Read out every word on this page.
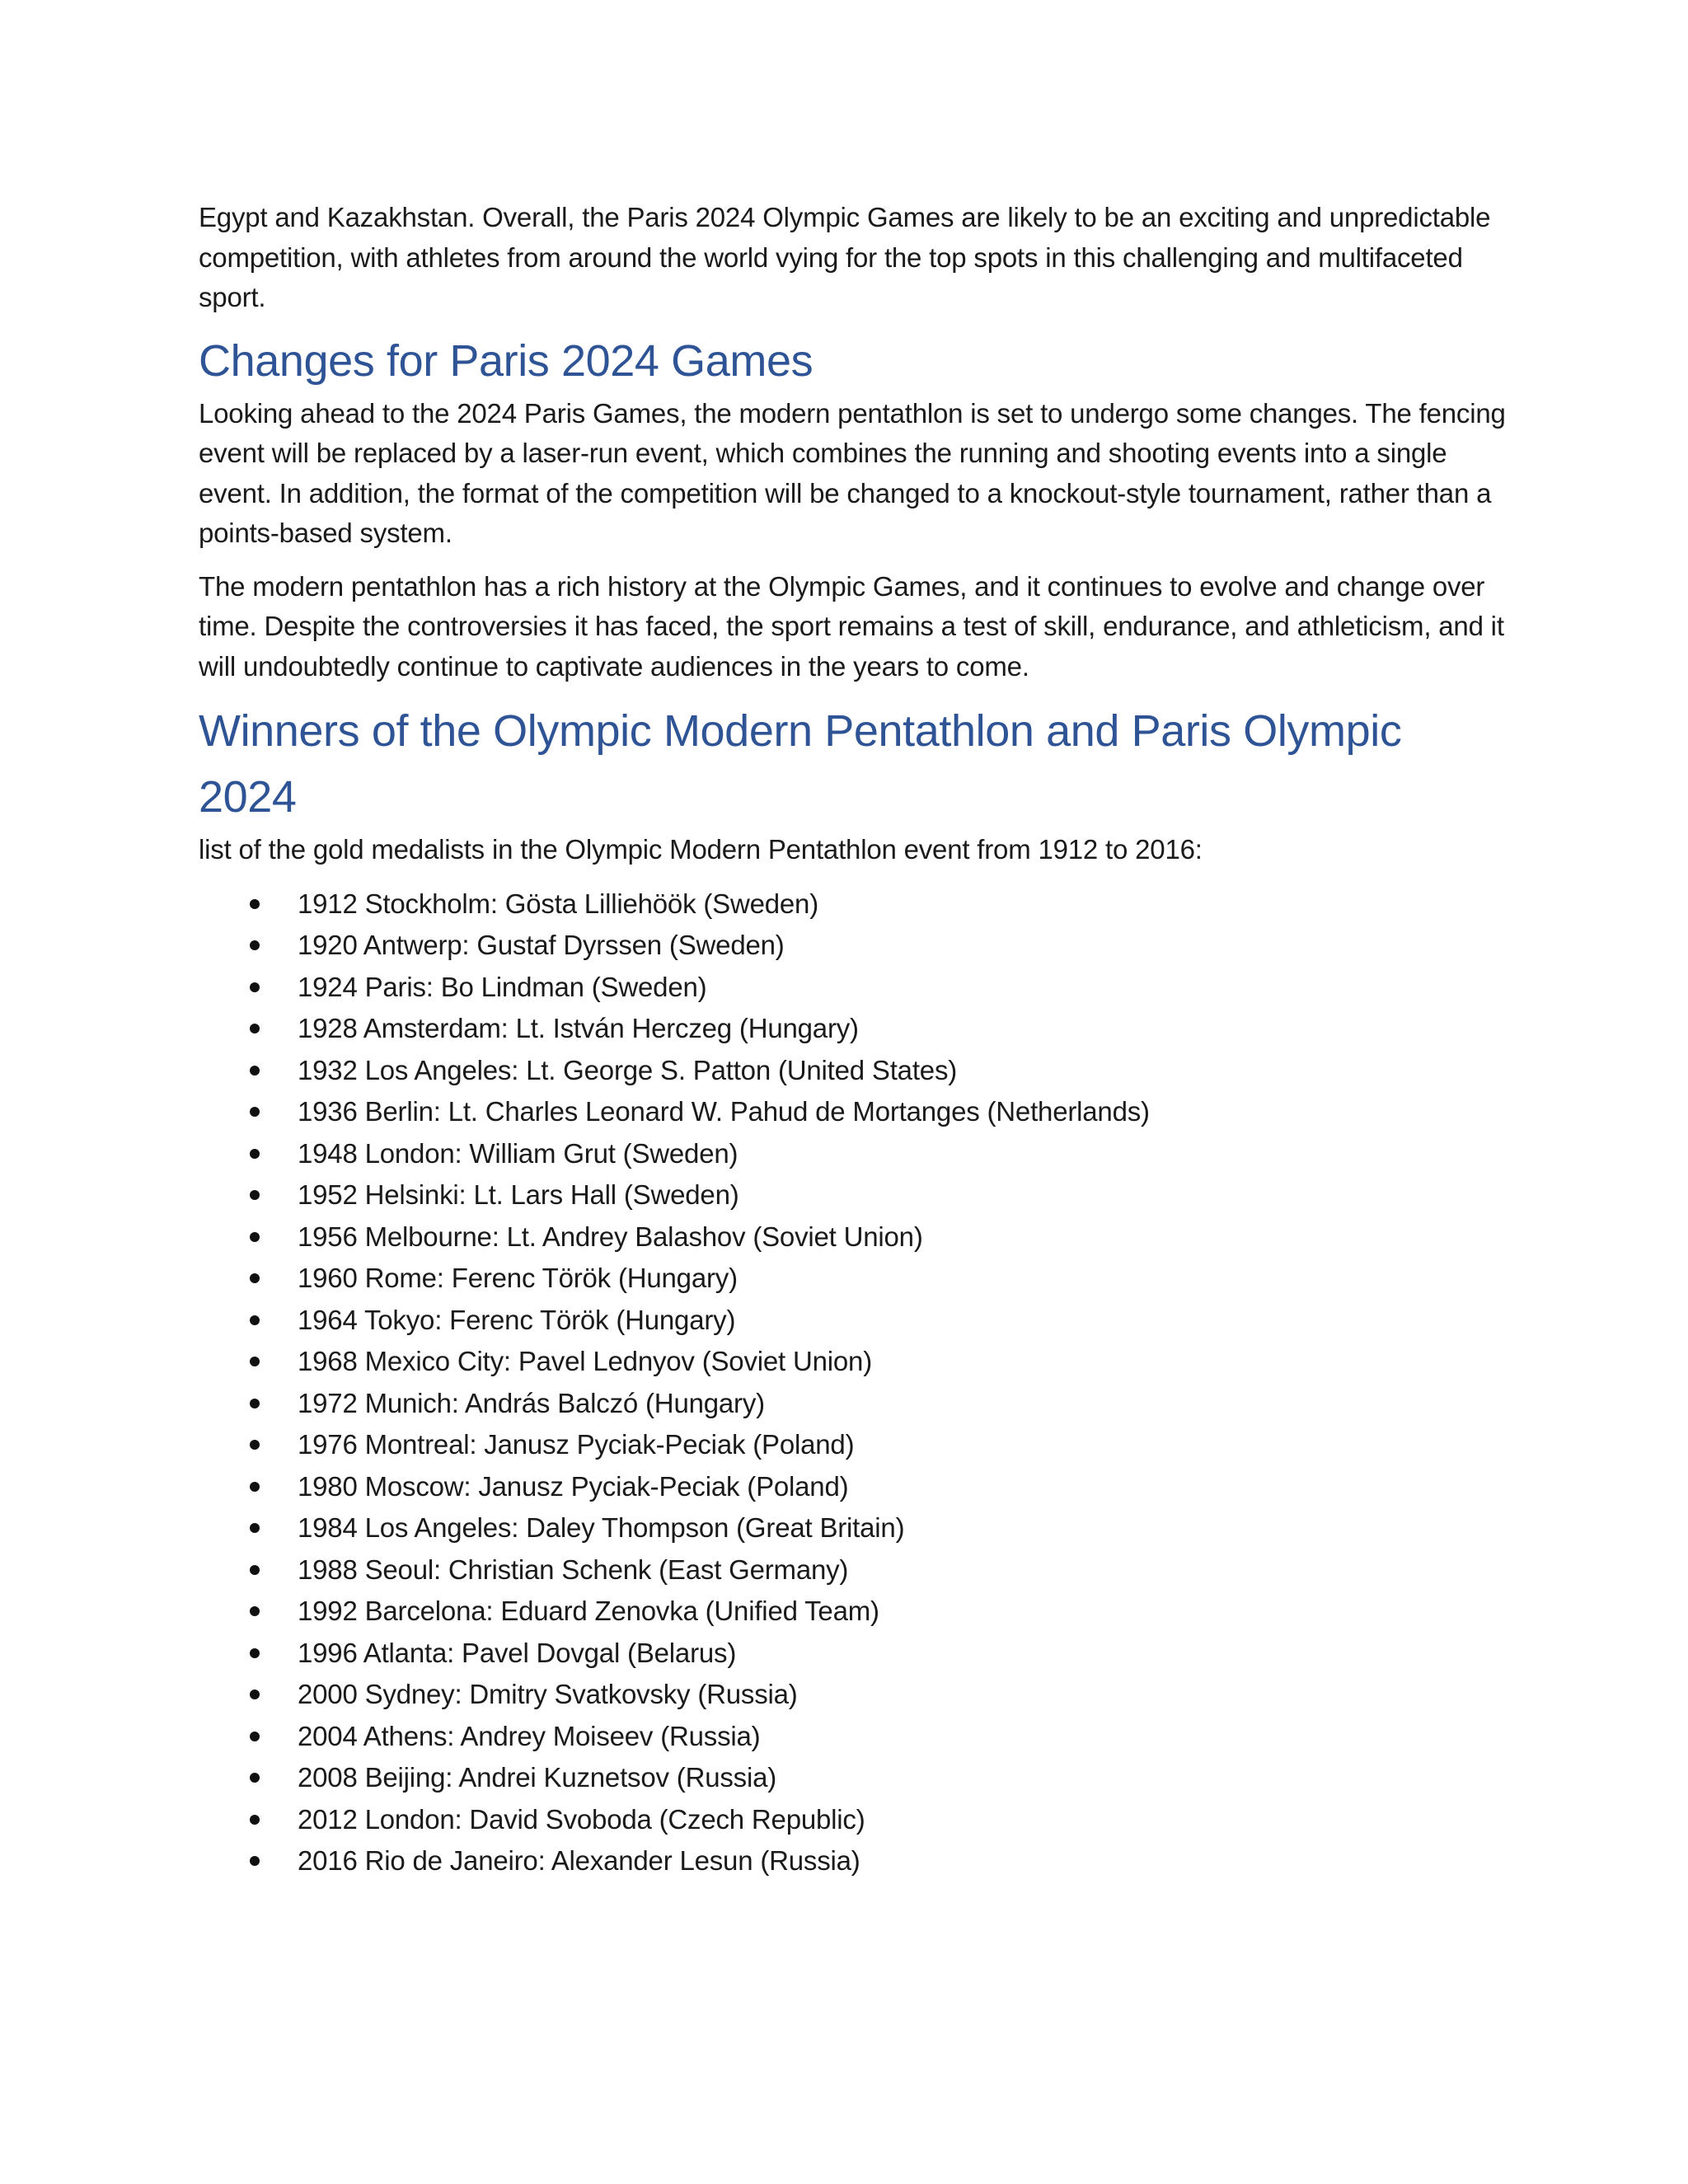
Egypt and Kazakhstan. Overall, the Paris 2024 Olympic Games are likely to be an exciting and unpredictable competition, with athletes from around the world vying for the top spots in this challenging and multifaceted sport.

Changes for Paris 2024 Games

Looking ahead to the 2024 Paris Games, the modern pentathlon is set to undergo some changes. The fencing event will be replaced by a laser-run event, which combines the running and shooting events into a single event. In addition, the format of the competition will be changed to a knockout-style tournament, rather than a points-based system.

The modern pentathlon has a rich history at the Olympic Games, and it continues to evolve and change over time. Despite the controversies it has faced, the sport remains a test of skill, endurance, and athleticism, and it will undoubtedly continue to captivate audiences in the years to come.

Winners of the Olympic Modern Pentathlon and Paris Olympic 2024

list of the gold medalists in the Olympic Modern Pentathlon event from 1912 to 2016:

1912 Stockholm: Gösta Lilliehöök (Sweden)
1920 Antwerp: Gustaf Dyrssen (Sweden)
1924 Paris: Bo Lindman (Sweden)
1928 Amsterdam: Lt. István Herczeg (Hungary)
1932 Los Angeles: Lt. George S. Patton (United States)
1936 Berlin: Lt. Charles Leonard W. Pahud de Mortanges (Netherlands)
1948 London: William Grut (Sweden)
1952 Helsinki: Lt. Lars Hall (Sweden)
1956 Melbourne: Lt. Andrey Balashov (Soviet Union)
1960 Rome: Ferenc Török (Hungary)
1964 Tokyo: Ferenc Török (Hungary)
1968 Mexico City: Pavel Lednyov (Soviet Union)
1972 Munich: András Balczó (Hungary)
1976 Montreal: Janusz Pyciak-Peciak (Poland)
1980 Moscow: Janusz Pyciak-Peciak (Poland)
1984 Los Angeles: Daley Thompson (Great Britain)
1988 Seoul: Christian Schenk (East Germany)
1992 Barcelona: Eduard Zenovka (Unified Team)
1996 Atlanta: Pavel Dovgal (Belarus)
2000 Sydney: Dmitry Svatkovsky (Russia)
2004 Athens: Andrey Moiseev (Russia)
2008 Beijing: Andrei Kuznetsov (Russia)
2012 London: David Svoboda (Czech Republic)
2016 Rio de Janeiro: Alexander Lesun (Russia)
